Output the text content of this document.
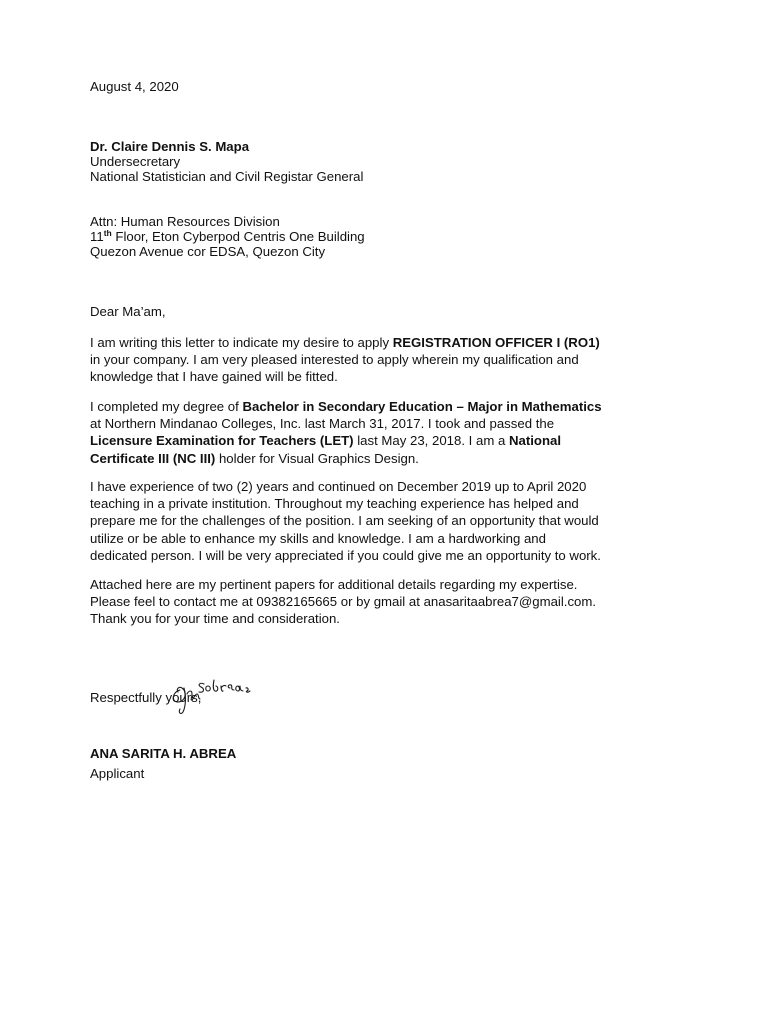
August 4, 2020
Dr. Claire Dennis S. Mapa
Undersecretary
National Statistician and Civil Registar General
Attn: Human Resources Division
11th Floor, Eton Cyberpod Centris One Building
Quezon Avenue cor EDSA, Quezon City
Dear Ma’am,

I am writing this letter to indicate my desire to apply REGISTRATION OFFICER I (RO1)

in your company. I am very pleased interested to apply wherein my qualification and

knowledge that I have gained will be fitted.

I completed my degree of Bachelor in Secondary Education – Major in Mathematics

at Northern Mindanao Colleges, Inc. last March 31, 2017. I took and passed the

Licensure Examination for Teachers (LET) last May 23, 2018. I am a National

Certificate III (NC III) holder for Visual Graphics Design.

I have experience of two (2) years and continued on December 2019 up to April 2020

teaching in a private institution. Throughout my teaching experience has helped and

prepare me for the challenges of the position. I am seeking of an opportunity that would

utilize or be able to enhance my skills and knowledge. I am a hardworking and

dedicated person. I will be very appreciated if you could give me an opportunity to work.

Attached here are my pertinent papers for additional details regarding my expertise.

Please feel to contact me at 09382165665 or by gmail at anasaritaabrea7@gmail.com.

Thank you for your time and consideration.

Respectfully yours,
ANA SARITA H. ABREA
Applicant
